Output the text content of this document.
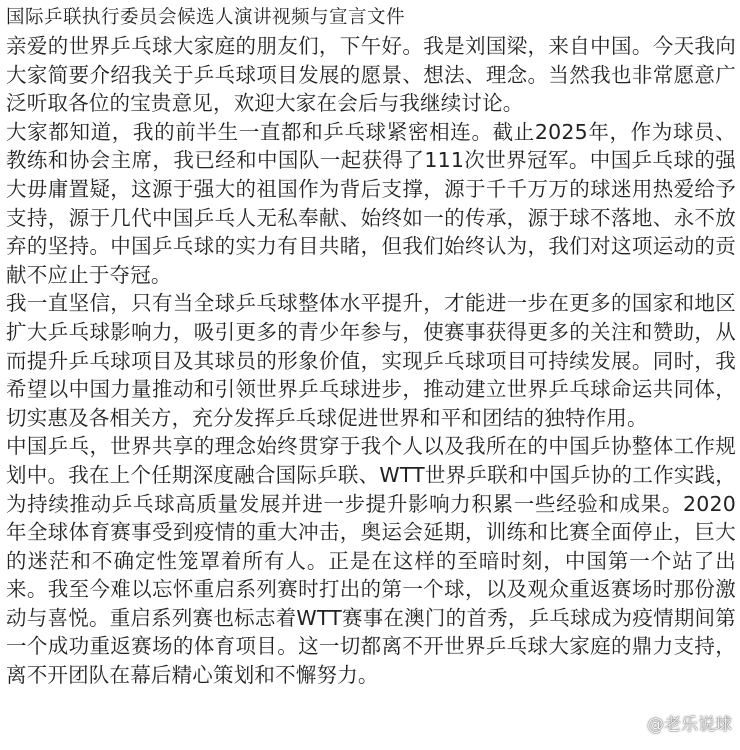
国际乒联执行委员会候选人演讲视频与宣言文件

亲爱的世界乒乓球大家庭的朋友们，下午好。我是刘国梁，来自中国。今天我向大家简要介绍我关于乒乓球项目发展的愿景、想法、理念。当然我也非常愿意广泛听取各位的宝贵意见，欢迎大家在会后与我继续讨论。

大家都知道，我的前半生一直都和乒乓球紧密相连。截止2025年，作为球员、教练和协会主席，我已经和中国队一起获得了111次世界冠军。中国乒乓球的强大毋庸置疑，这源于强大的祖国作为背后支撑，源于千千万万的球迷用热爱给予支持，源于几代中国乒乓人无私奉献、始终如一的传承，源于球不落地、永不放弃的坚持。中国乒乓球的实力有目共睹，但我们始终认为，我们对这项运动的贡献不应止于夺冠。

我一直坚信，只有当全球乒乓球整体水平提升，才能进一步在更多的国家和地区扩大乒乓球影响力，吸引更多的青少年参与，使赛事获得更多的关注和赞助，从而提升乒乓球项目及其球员的形象价值，实现乒乓球项目可持续发展。同时，我希望以中国力量推动和引领世界乒乓球进步，推动建立世界乒乓球命运共同体，切实惠及各相关方，充分发挥乒乓球促进世界和平和团结的独特作用。

中国乒乓，世界共享的理念始终贯穿于我个人以及我所在的中国乒协整体工作规划中。我在上个任期深度融合国际乒联、WTT世界乒联和中国乒协的工作实践，为持续推动乒乓球高质量发展并进一步提升影响力积累一些经验和成果。2020年全球体育赛事受到疫情的重大冲击，奥运会延期，训练和比赛全面停止，巨大的迷茫和不确定性笼罩着所有人。正是在这样的至暗时刻，中国第一个站了出来。我至今难以忘怀重启系列赛时打出的第一个球，以及观众重返赛场时那份激动与喜悦。重启系列赛也标志着WTT赛事在澳门的首秀，乒乓球成为疫情期间第一个成功重返赛场的体育项目。这一切都离不开世界乒乓球大家庭的鼎力支持，离不开团队在幕后精心策划和不懈努力。

@老乐说球
